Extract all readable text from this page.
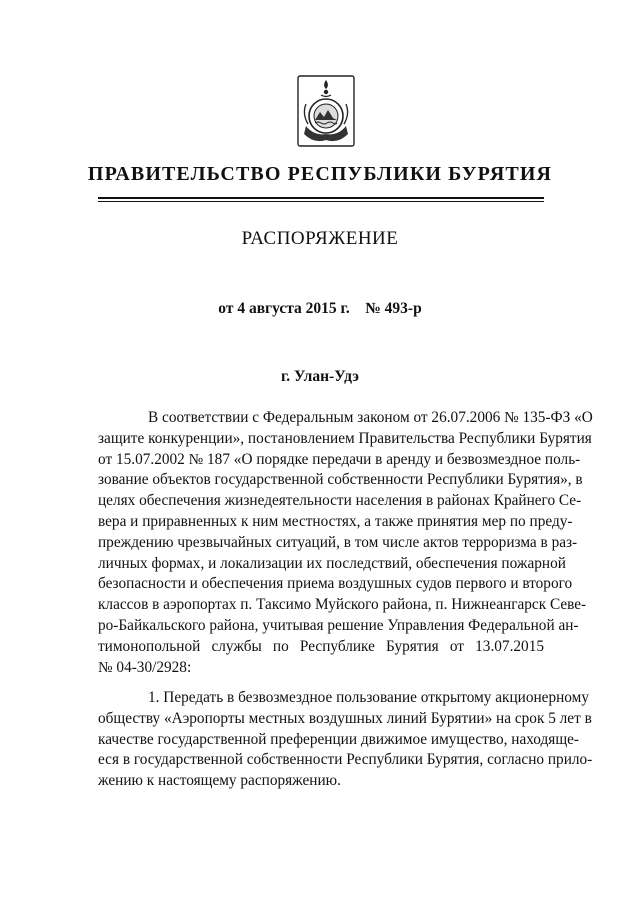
ПРАВИТЕЛЬСТВО РЕСПУБЛИКИ БУРЯТИЯ
РАСПОРЯЖЕНИЕ
от 4 августа 2015 г. № 493-р
г. Улан-Удэ
В соответствии с Федеральным законом от 26.07.2006 № 135-ФЗ «О
защите конкуренции», постановлением Правительства Республики Бурятия
от 15.07.2002 № 187 «О порядке передачи в аренду и безвозмездное поль-
зование объектов государственной собственности Республики Бурятия», в
целях обеспечения жизнедеятельности населения в районах Крайнего Се-
вера и приравненных к ним местностях, а также принятия мер по преду-
преждению чрезвычайных ситуаций, в том числе актов терроризма в раз-
личных формах, и локализации их последствий, обеспечения пожарной
безопасности и обеспечения приема воздушных судов первого и второго
классов в аэропортах п. Таксимо Муйского района, п. Нижнеангарск Севе-
ро-Байкальского района, учитывая решение Управления Федеральной ан-
тимонопольной службы по Республике Бурятия от 13.07.2015
№ 04-30/2928:
1. Передать в безвозмездное пользование открытому акционерному
обществу «Аэропорты местных воздушных линий Бурятии» на срок 5 лет в
качестве государственной преференции движимое имущество, находяще-
еся в государственной собственности Республики Бурятия, согласно прило-
жению к настоящему распоряжению.
